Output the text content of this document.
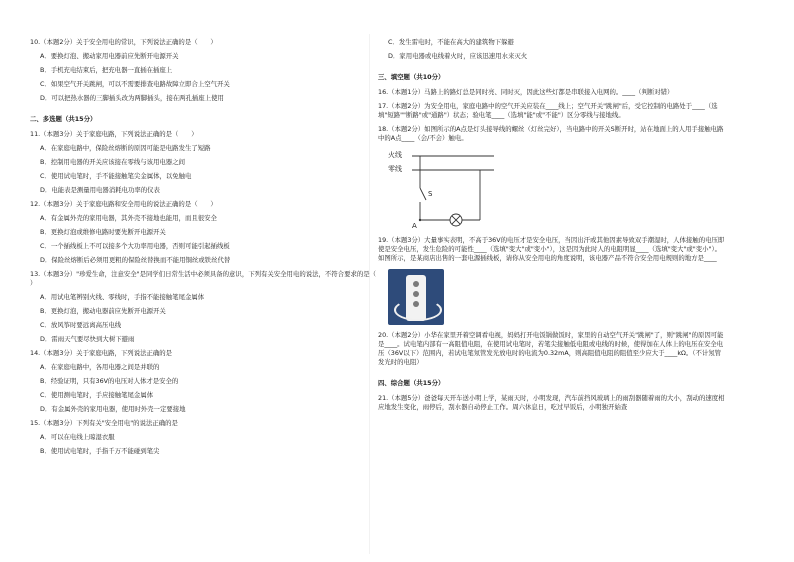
10.（本题2分）关于安全用电的常识，下列说法正确的是（　　）
A．要换灯泡、搬动家用电器前应先断开电源开关
B．手机充电结束后，把充电器一直插在插座上
C．如果空气开关跳闸，可以不需要排查电路故障立即合上空气开关
D．可以把热水器的三脚插头改为两脚插头，接在两孔插座上使用
二、多选题（共15分）
11.（本题3分）关于家庭电路，下列说法正确的是（　　）
A．在家庭电路中，保险丝熔断的原因可能是电路发生了短路
B．控制用电器的开关应该接在零线与该用电器之间
C．使用试电笔时，手不能接触笔尖金属体，以免触电
D．电能表是测量用电器消耗电功率的仪表
12.（本题3分）关于家庭电路和安全用电的说法正确的是（　　）
A．有金属外壳的家用电器，其外壳不接地也能用，而且很安全
B．更换灯泡或维修电路时要先断开电源开关
C．一个插线板上不可以接多个大功率用电器，否则可能引起插线板
D．保险丝熔断后必须用更粗的保险丝替换而不能用铜丝或铁丝代替
13.（本题3分）"珍爱生命，注意安全"是同学们日常生活中必须具备的意识，下列有关安全用电的说法，不符合要求的是（ ）
A．用试电笔辨别火线、零线时，手指不能接触笔尾金属体
B．更换灯泡，搬动电器前应先断开电源开关
C．放风筝时要远离高压电线
D．雷雨天气要尽快到大树下避雨
14.（本题3分）关于家庭电路，下列说法正确的是
A．在家庭电路中，各用电器之间是并联的
B．经验证明，只有36V的电压对人体才是安全的
C．使用测电笔时，手应接触笔尾金属体
D．有金属外壳的家用电器，使用时外壳一定要接地
15.（本题3分）下列有关"安全用电"的说法正确的是
A．可以在电线上晾湿衣服
B．使用试电笔时，手指千万不能碰到笔尖
C．发生雷电时，不能在高大的建筑物下躲避
D．家用电器或电线着火时，应该迅速用水来灭火
三、填空题（共10分）
16.（本题1分）马路上的路灯总是同时亮、同时灭，因此这些灯都是串联接入电网的。____（判断对错）
17.（本题2分）为安全用电，家庭电路中的空气开关应装在____线上；空气开关"跳闸"后，受它控制的电路处于____（选填"短路""断路"或"通路"）状态；验电笔____（选填"能"或"不能"）区分零线与接地线。
18.（本题2分）如图所示的A点是灯头接导线的螺丝（灯丝完好），当电路中的开关S断开时，站在地面上的人用手接触电路中的A点____（会/不会）触电。
火线
零线
S
A
19.（本题3分）大量事实表明，不高于36V的电压才是安全电压，当因出汗或其他因素导致双手潮湿时，人体接触的电压即使是安全电压，发生危险的可能性____（选填"变大"或"变小"），这是因为此时人的电阻明显____（选填"变大"或"变小"）。如图所示，是某商店出售的一套电源插线板，请你从安全用电的角度说明，该电器产品不符合安全用电规则的地方是____
20.（本题2分）小华在家里开着空调看电视，妈妈打开电饭锅做饭时，家里的自动空气开关"跳闸"了，则"跳闸"的原因可能是____。试电笔内部有一高阻值电阻，在使用试电笔时，若笔尖接触低电阻或电线的时候，使得加在人体上的电压在安全电压（36V以下）范围内，若试电笔氖管发光放电时的电流为0.32mA，则高阻值电阻的阻值至少应大于____kΩ。（不计氖管发光时的电阻）
四、综合题（共15分）
21.（本题5分）爸爸每天开车送小明上学，某雨天时，小明发现，汽车前挡风玻璃上的雨刮器随着雨的大小，刮动的速度相应地发生变化，雨停后，刮水器自动停止工作。周六休息日，吃过早饭后，小明独开始查
